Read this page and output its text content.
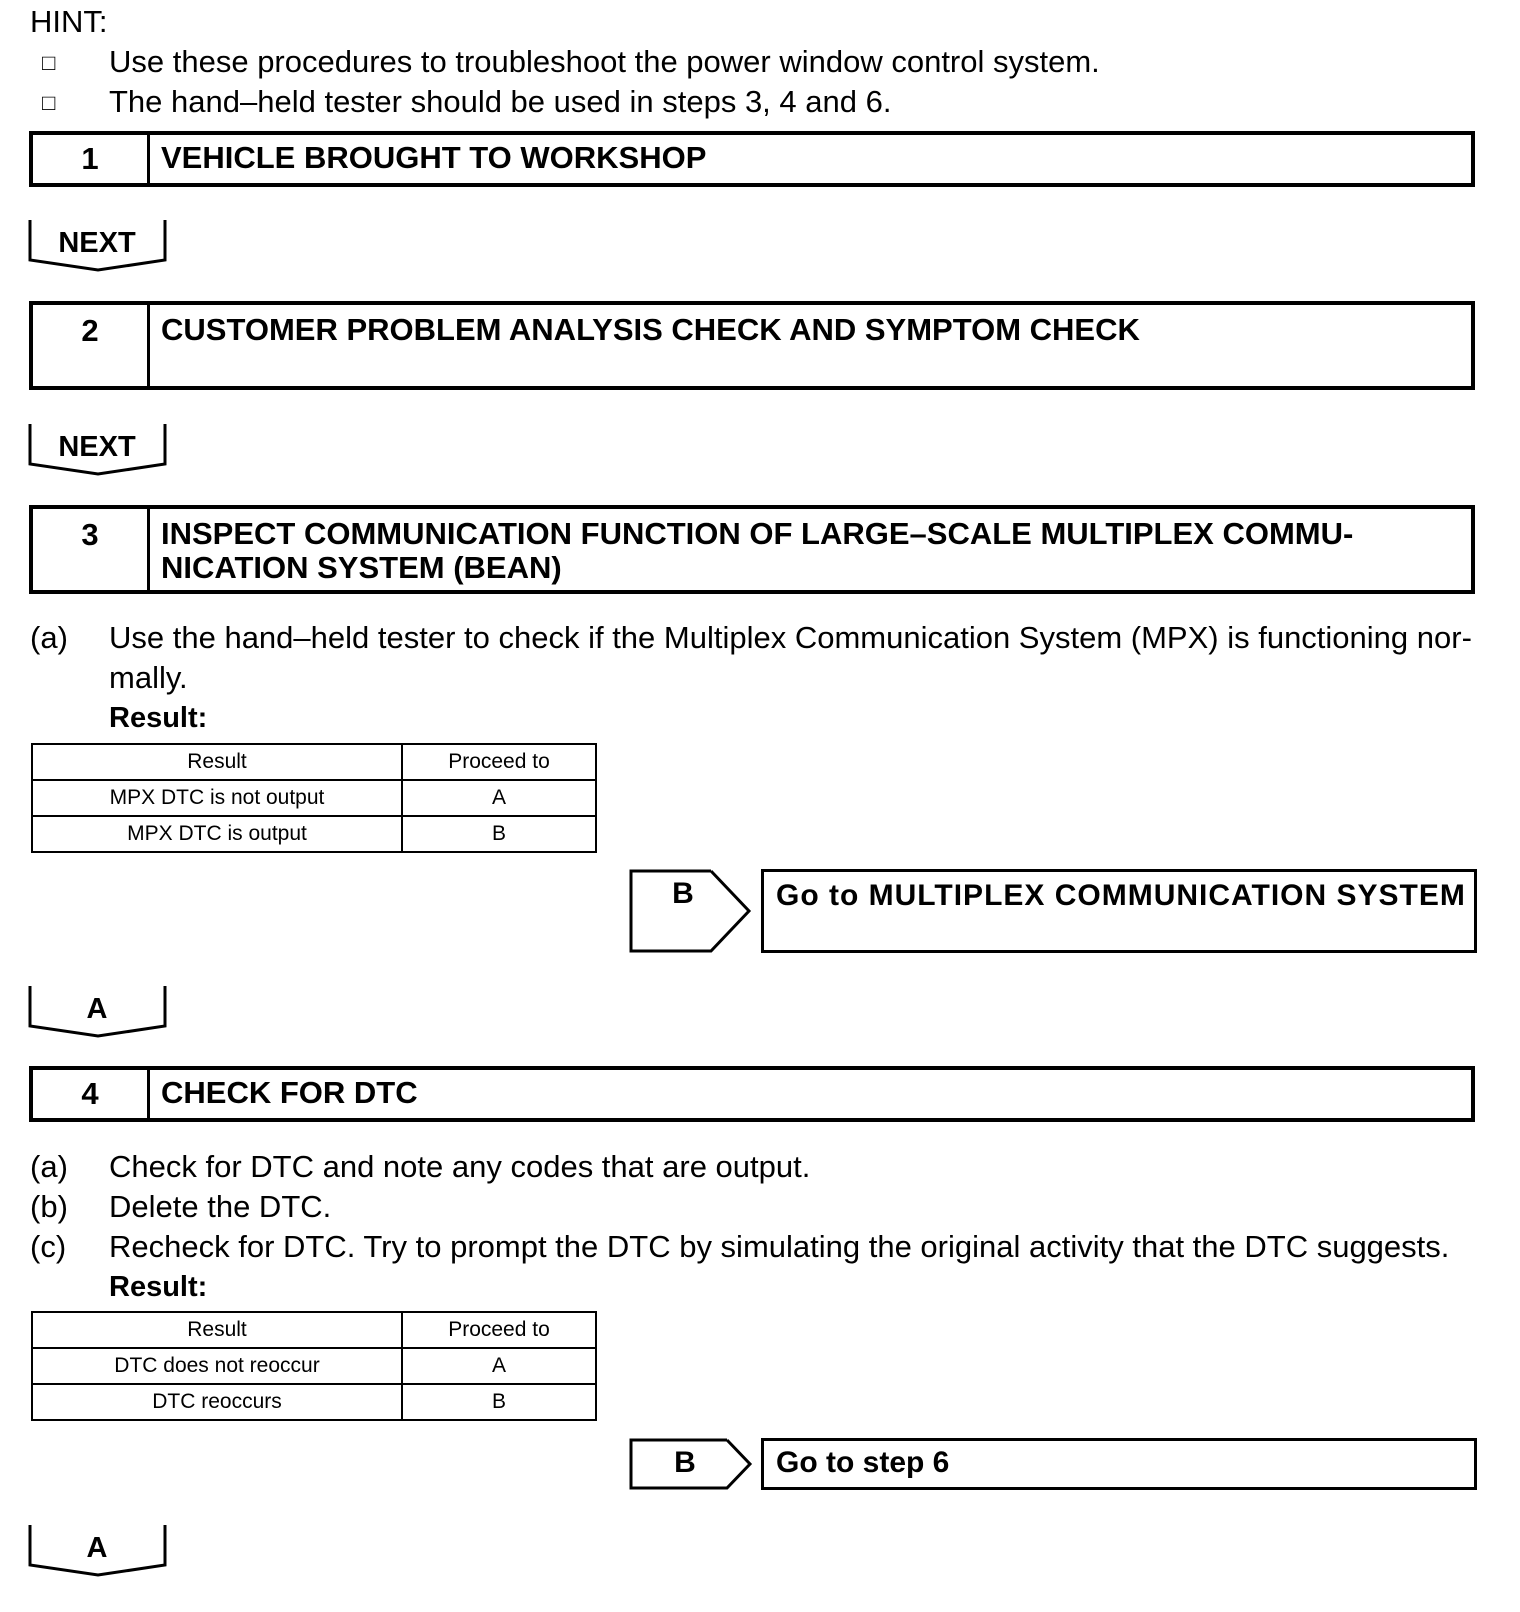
HINT:
□ Use these procedures to troubleshoot the power window control system.
□ The hand–held tester should be used in steps 3, 4 and 6.
1	VEHICLE BROUGHT TO WORKSHOP
NEXT
2	CUSTOMER PROBLEM ANALYSIS CHECK AND SYMPTOM CHECK
NEXT
3	INSPECT COMMUNICATION FUNCTION OF LARGE–SCALE MULTIPLEX COMMU-
NICATION SYSTEM (BEAN)
(a) Use the hand–held tester to check if the Multiplex Communication System (MPX) is functioning nor-
mally.
Result:
Result	Proceed to
MPX DTC is not output	A
MPX DTC is output	B
B	Go to MULTIPLEX COMMUNICATION SYSTEM
A
4	CHECK FOR DTC
(a) Check for DTC and note any codes that are output.
(b) Delete the DTC.
(c) Recheck for DTC. Try to prompt the DTC by simulating the original activity that the DTC suggests.
Result:
Result	Proceed to
DTC does not reoccur	A
DTC reoccurs	B
B	Go to step 6
A
